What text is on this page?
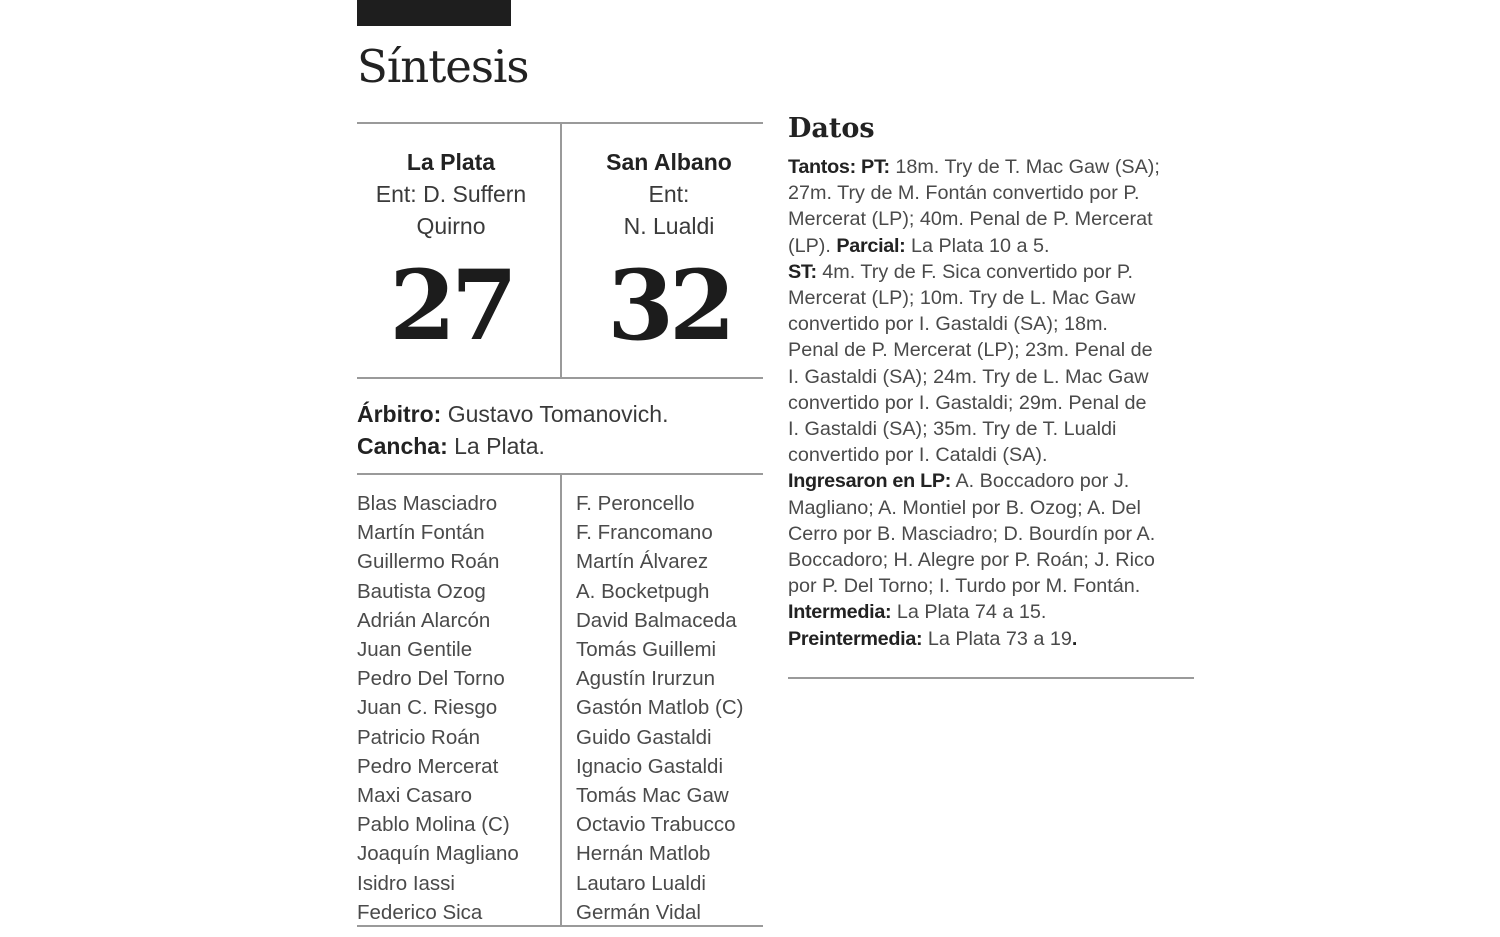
Síntesis
La Plata
Ent: D. Suffern
Quirno
27
San Albano
Ent:
N. Lualdi
32
Árbitro: Gustavo Tomanovich.
Cancha: La Plata.
Blas Masciadro
Martín Fontán
Guillermo Roán
Bautista Ozog
Adrián Alarcón
Juan Gentile
Pedro Del Torno
Juan C. Riesgo
Patricio Roán
Pedro Mercerat
Maxi Casaro
Pablo Molina (C)
Joaquín Magliano
Isidro Iassi
Federico Sica
F. Peroncello
F. Francomano
Martín Álvarez
A. Bocketpugh
David Balmaceda
Tomás Guillemi
Agustín Irurzun
Gastón Matlob (C)
Guido Gastaldi
Ignacio Gastaldi
Tomás Mac Gaw
Octavio Trabucco
Hernán Matlob
Lautaro Lualdi
Germán Vidal
Datos
Tantos: PT: 18m. Try de T. Mac Gaw (SA);
27m. Try de M. Fontán convertido por P.
Mercerat (LP); 40m. Penal de P. Mercerat
(LP). Parcial: La Plata 10 a 5.
ST: 4m. Try de F. Sica convertido por P.
Mercerat (LP); 10m. Try de L. Mac Gaw
convertido por I. Gastaldi (SA); 18m.
Penal de P. Mercerat (LP); 23m. Penal de
I. Gastaldi (SA); 24m. Try de L. Mac Gaw
convertido por I. Gastaldi; 29m. Penal de
I. Gastaldi (SA); 35m. Try de T. Lualdi
convertido por I. Cataldi (SA).
Ingresaron en LP: A. Boccadoro por J.
Magliano; A. Montiel por B. Ozog; A. Del
Cerro por B. Masciadro; D. Bourdín por A.
Boccadoro; H. Alegre por P. Roán; J. Rico
por P. Del Torno; I. Turdo por M. Fontán.
Intermedia: La Plata 74 a 15.
Preintermedia: La Plata 73 a 19.
